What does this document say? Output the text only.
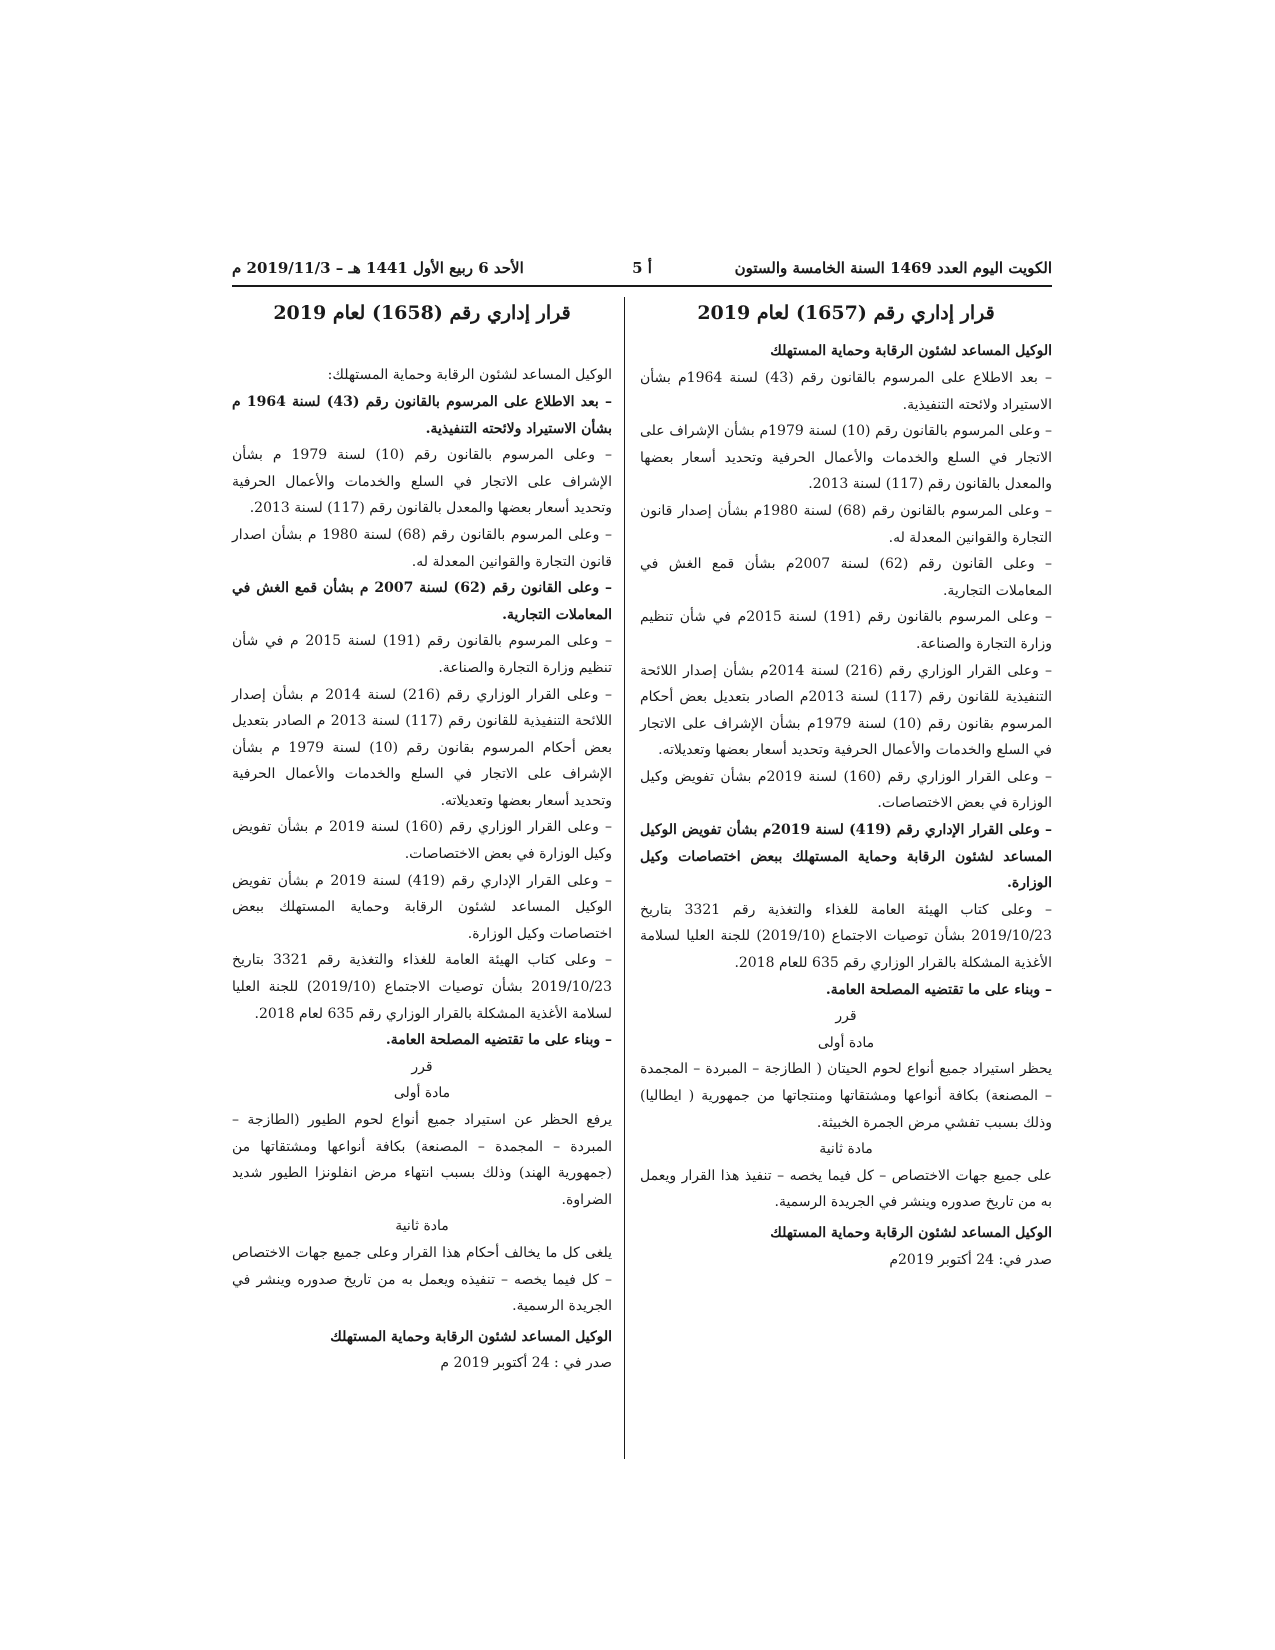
الكويت اليوم العدد 1469 السنة الخامسة والستون
أ 5
الأحد 6 ربيع الأول 1441 هـ – 2019/11/3 م
قرار إداري رقم (1657) لعام 2019

الوكيل المساعد لشئون الرقابة وحماية المستهلك

– بعد الاطلاع على المرسوم بالقانون رقم (43) لسنة 1964م بشأن الاستيراد ولائحته التنفيذية.

– وعلى المرسوم بالقانون رقم (10) لسنة 1979م بشأن الإشراف على الاتجار في السلع والخدمات والأعمال الحرفية وتحديد أسعار بعضها والمعدل بالقانون رقم (117) لسنة 2013.

– وعلى المرسوم بالقانون رقم (68) لسنة 1980م بشأن إصدار قانون التجارة والقوانين المعدلة له.

– وعلى القانون رقم (62) لسنة 2007م بشأن قمع الغش في المعاملات التجارية.

– وعلى المرسوم بالقانون رقم (191) لسنة 2015م في شأن تنظيم وزارة التجارة والصناعة.

– وعلى القرار الوزاري رقم (216) لسنة 2014م بشأن إصدار اللائحة التنفيذية للقانون رقم (117) لسنة 2013م الصادر بتعديل بعض أحكام المرسوم بقانون رقم (10) لسنة 1979م بشأن الإشراف على الاتجار في السلع والخدمات والأعمال الحرفية وتحديد أسعار بعضها وتعديلاته.

– وعلى القرار الوزاري رقم (160) لسنة 2019م بشأن تفويض وكيل الوزارة في بعض الاختصاصات.

– وعلى القرار الإداري رقم (419) لسنة 2019م بشأن تفويض الوكيل المساعد لشئون الرقابة وحماية المستهلك ببعض اختصاصات وكيل الوزارة.

– وعلى كتاب الهيئة العامة للغذاء والتغذية رقم 3321 بتاريخ 2019/10/23 بشأن توصيات الاجتماع (2019/10) للجنة العليا لسلامة الأغذية المشكلة بالقرار الوزاري رقم 635 للعام 2018.

– وبناء على ما تقتضيه المصلحة العامة.

قرر

مادة أولى

يحظر استيراد جميع أنواع لحوم الحيتان ( الطازجة – المبردة – المجمدة – المصنعة) بكافة أنواعها ومشتقاتها ومنتجاتها من جمهورية ( ايطاليا) وذلك بسبب تفشي مرض الجمرة الخبيثة.

مادة ثانية

على جميع جهات الاختصاص – كل فيما يخصه – تنفيذ هذا القرار ويعمل به من تاريخ صدوره وينشر في الجريدة الرسمية.

الوكيل المساعد لشئون الرقابة وحماية المستهلك

صدر في: 24 أكتوبر 2019م

قرار إداري رقم (1658) لعام 2019

الوكيل المساعد لشئون الرقابة وحماية المستهلك:

– بعد الاطلاع على المرسوم بالقانون رقم (43) لسنة 1964 م بشأن الاستيراد ولائحته التنفيذية.

– وعلى المرسوم بالقانون رقم (10) لسنة 1979 م بشأن الإشراف على الاتجار في السلع والخدمات والأعمال الحرفية وتحديد أسعار بعضها والمعدل بالقانون رقم (117) لسنة 2013.

– وعلى المرسوم بالقانون رقم (68) لسنة 1980 م بشأن اصدار قانون التجارة والقوانين المعدلة له.

– وعلى القانون رقم (62) لسنة 2007 م بشأن قمع الغش في المعاملات التجارية.

– وعلى المرسوم بالقانون رقم (191) لسنة 2015 م في شأن تنظيم وزارة التجارة والصناعة.

– وعلى القرار الوزاري رقم (216) لسنة 2014 م بشأن إصدار اللائحة التنفيذية للقانون رقم (117) لسنة 2013 م الصادر بتعديل بعض أحكام المرسوم بقانون رقم (10) لسنة 1979 م بشأن الإشراف على الاتجار في السلع والخدمات والأعمال الحرفية وتحديد أسعار بعضها وتعديلاته.

– وعلى القرار الوزاري رقم (160) لسنة 2019 م بشأن تفويض وكيل الوزارة في بعض الاختصاصات.

– وعلى القرار الإداري رقم (419) لسنة 2019 م بشأن تفويض الوكيل المساعد لشئون الرقابة وحماية المستهلك ببعض اختصاصات وكيل الوزارة.

– وعلى كتاب الهيئة العامة للغذاء والتغذية رقم 3321 بتاريخ 2019/10/23 بشأن توصيات الاجتماع (2019/10) للجنة العليا لسلامة الأغذية المشكلة بالقرار الوزاري رقم 635 لعام 2018.

– وبناء على ما تقتضيه المصلحة العامة.

قرر

مادة أولى

يرفع الحظر عن استيراد جميع أنواع لحوم الطيور (الطازجة – المبردة – المجمدة – المصنعة) بكافة أنواعها ومشتقاتها من (جمهورية الهند) وذلك بسبب انتهاء مرض انفلونزا الطيور شديد الضراوة.

مادة ثانية

يلغى كل ما يخالف أحكام هذا القرار وعلى جميع جهات الاختصاص – كل فيما يخصه – تنفيذه ويعمل به من تاريخ صدوره وينشر في الجريدة الرسمية.

الوكيل المساعد لشئون الرقابة وحماية المستهلك

صدر في : 24 أكتوبر 2019 م
